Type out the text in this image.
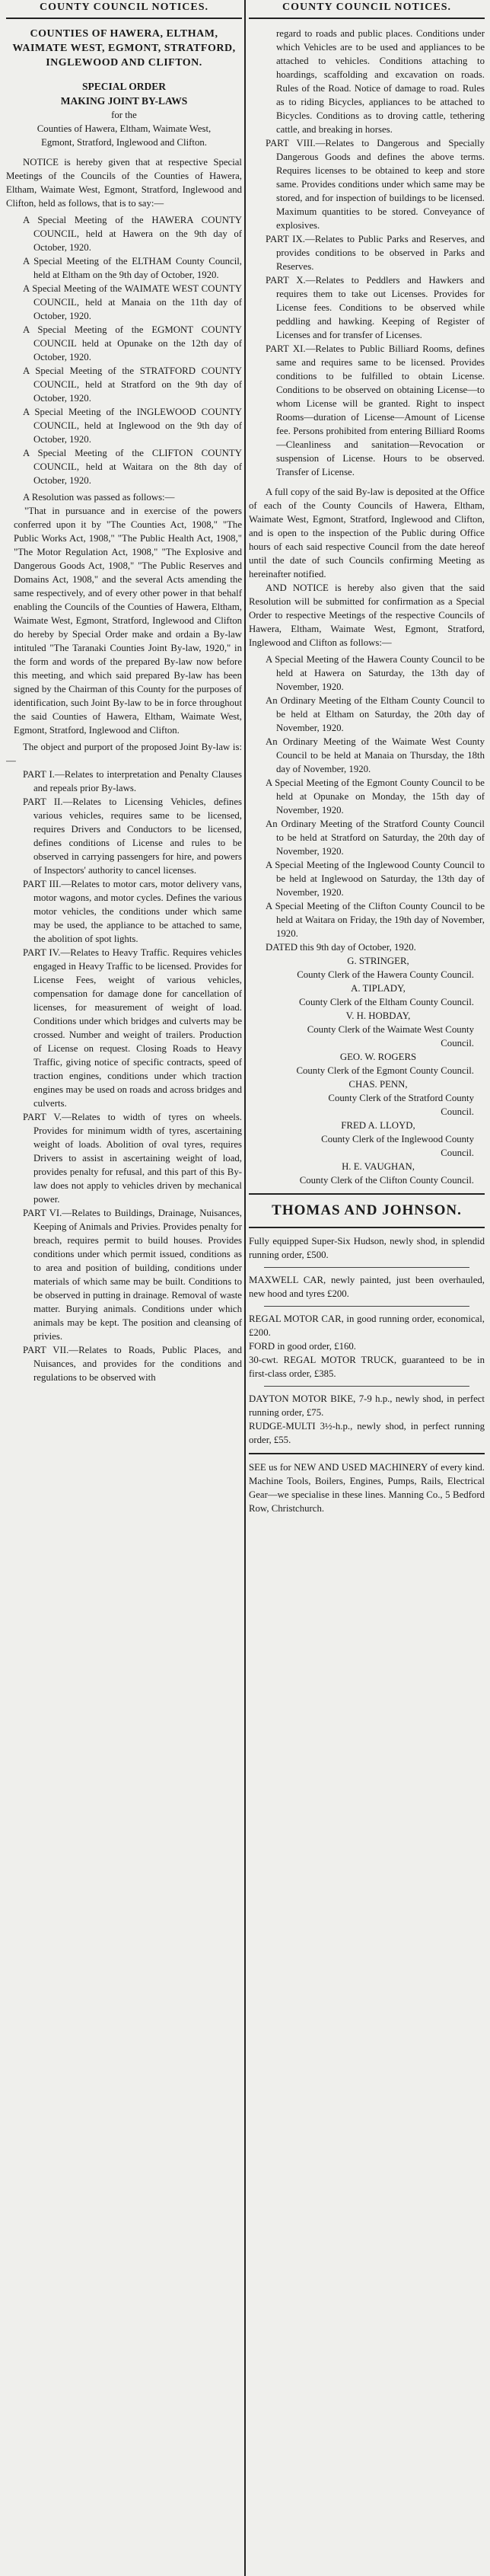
COUNTY COUNCIL NOTICES.

COUNTIES OF HAWERA, ELTHAM, WAIMATE WEST, EGMONT, STRATFORD, INGLEWOOD AND CLIFTON.

SPECIAL ORDER

MAKING JOINT BY-LAWS

for the

Counties of Hawera, Eltham, Waimate West, Egmont, Stratford, Inglewood and Clifton.

NOTICE is hereby given that at respective Special Meetings of the Councils of the Counties of Hawera, Eltham, Waimate West, Egmont, Stratford, Inglewood and Clifton, held as follows, that is to say:—

A Special Meeting of the HAWERA COUNTY COUNCIL, held at Hawera on the 9th day of October, 1920.

A Special Meeting of the ELTHAM County Council, held at Eltham on the 9th day of October, 1920.

A Special Meeting of the WAIMATE WEST COUNTY COUNCIL, held at Manaia on the 11th day of October, 1920.

A Special Meeting of the EGMONT COUNTY COUNCIL held at Opunake on the 12th day of October, 1920.

A Special Meeting of the STRATFORD COUNTY COUNCIL, held at Stratford on the 9th day of October, 1920.

A Special Meeting of the INGLEWOOD COUNTY COUNCIL, held at Inglewood on the 9th day of October, 1920.

A Special Meeting of the CLIFTON COUNTY COUNCIL, held at Waitara on the 8th day of October, 1920.

A Resolution was passed as follows:—

"That in pursuance and in exercise of the powers conferred upon it by "The Counties Act, 1908," "The Public Works Act, 1908," "The Public Health Act, 1908," "The Motor Regulation Act, 1908," "The Explosive and Dangerous Goods Act, 1908," "The Public Reserves and Domains Act, 1908," and the several Acts amending the same respectively, and of every other power in that behalf enabling the Councils of the Counties of Hawera, Eltham, Waimate West, Egmont, Stratford, Inglewood and Clifton do hereby by Special Order make and ordain a By-law intituled "The Taranaki Counties Joint By-law, 1920," in the form and words of the prepared By-law now before this meeting, and which said prepared By-law has been signed by the Chairman of this County for the purposes of identification, such Joint By-law to be in force throughout the said Counties of Hawera, Eltham, Waimate West, Egmont, Stratford, Inglewood and Clifton.

The object and purport of the proposed Joint By-law is:—

PART I.—Relates to interpretation and Penalty Clauses and repeals prior By-laws.

PART II.—Relates to Licensing Vehicles, defines various vehicles, requires same to be licensed, requires Drivers and Conductors to be licensed, defines conditions of License and rules to be observed in carrying passengers for hire, and powers of Inspectors' authority to cancel licenses.

PART III.—Relates to motor cars, motor delivery vans, motor wagons, and motor cycles. Defines the various motor vehicles, the conditions under which same may be used, the appliance to be attached to same, the abolition of spot lights.

PART IV.—Relates to Heavy Traffic. Requires vehicles engaged in Heavy Traffic to be licensed. Provides for License Fees, weight of various vehicles, compensation for damage done for cancellation of licenses, for measurement of weight of load. Conditions under which bridges and culverts may be crossed. Number and weight of trailers. Production of License on request. Closing Roads to Heavy Traffic, giving notice of specific contracts, speed of traction engines, conditions under which traction engines may be used on roads and across bridges and culverts.

PART V.—Relates to width of tyres on wheels. Provides for minimum width of tyres, ascertaining weight of loads. Abolition of oval tyres, requires Drivers to assist in ascertaining weight of load, provides penalty for refusal, and this part of this By-law does not apply to vehicles driven by mechanical power.

PART VI.—Relates to Buildings, Drainage, Nuisances, Keeping of Animals and Privies. Provides penalty for breach, requires permit to build houses. Provides conditions under which permit issued, conditions as to area and position of building, conditions under materials of which same may be built. Conditions to be observed in putting in drainage. Removal of waste matter. Burying animals. Conditions under which animals may be kept. The position and cleansing of privies.

PART VII.—Relates to Roads, Public Places, and Nuisances, and provides for the conditions and regulations to be observed with

COUNTY COUNCIL NOTICES.

regard to roads and public places. Conditions under which Vehicles are to be used and appliances to be attached to vehicles. Conditions attaching to hoardings, scaffolding and excavation on roads. Rules of the Road. Notice of damage to road. Rules as to riding Bicycles, appliances to be attached to Bicycles. Conditions as to droving cattle, tethering cattle, and breaking in horses.

PART VIII.—Relates to Dangerous and Specially Dangerous Goods and defines the above terms. Requires licenses to be obtained to keep and store same. Provides conditions under which same may be stored, and for inspection of buildings to be licensed. Maximum quantities to be stored. Conveyance of explosives.

PART IX.—Relates to Public Parks and Reserves, and provides conditions to be observed in Parks and Reserves.

PART X.—Relates to Peddlers and Hawkers and requires them to take out Licenses. Provides for License fees. Conditions to be observed while peddling and hawking. Keeping of Register of Licenses and for transfer of Licenses.

PART XI.—Relates to Public Billiard Rooms, defines same and requires same to be licensed. Provides conditions to be fulfilled to obtain License. Conditions to be observed on obtaining License—to whom License will be granted. Right to inspect Rooms—duration of License—Amount of License fee. Persons prohibited from entering Billiard Rooms—Cleanliness and sanitation—Revocation or suspension of License. Hours to be observed. Transfer of License.

A full copy of the said By-law is deposited at the Office of each of the County Councils of Hawera, Eltham, Waimate West, Egmont, Stratford, Inglewood and Clifton, and is open to the inspection of the Public during Office hours of each said respective Council from the date hereof until the date of such Councils confirming Meeting as hereinafter notified.

AND NOTICE is hereby also given that the said Resolution will be submitted for confirmation as a Special Order to respective Meetings of the respective Councils of Hawera, Eltham, Waimate West, Egmont, Stratford, Inglewood and Clifton as follows:—

A Special Meeting of the Hawera County Council to be held at Hawera on Saturday, the 13th day of November, 1920.

An Ordinary Meeting of the Eltham County Council to be held at Eltham on Saturday, the 20th day of November, 1920.

An Ordinary Meeting of the Waimate West County Council to be held at Manaia on Thursday, the 18th day of November, 1920.

A Special Meeting of the Egmont County Council to be held at Opunake on Monday, the 15th day of November, 1920.

An Ordinary Meeting of the Stratford County Council to be held at Stratford on Saturday, the 20th day of November, 1920.

A Special Meeting of the Inglewood County Council to be held at Inglewood on Saturday, the 13th day of November, 1920.

A Special Meeting of the Clifton County Council to be held at Waitara on Friday, the 19th day of November, 1920.

DATED this 9th day of October, 1920.

G. STRINGER,

County Clerk of the Hawera County Council.

A. TIPLADY,

County Clerk of the Eltham County Council.

V. H. HOBDAY,

County Clerk of the Waimate West County Council.

GEO. W. ROGERS

County Clerk of the Egmont County Council.

CHAS. PENN,

County Clerk of the Stratford County Council.

FRED A. LLOYD,

County Clerk of the Inglewood County Council.

H. E. VAUGHAN,

County Clerk of the Clifton County Council.

THOMAS AND JOHNSON.

Fully equipped Super-Six Hudson, newly shod, in splendid running order, £500.

MAXWELL CAR, newly painted, just been overhauled, new hood and tyres £200.

REGAL MOTOR CAR, in good running order, economical, £200.

FORD in good order, £160.

30-cwt. REGAL MOTOR TRUCK, guaranteed to be in first-class order, £385.

DAYTON MOTOR BIKE, 7-9 h.p., newly shod, in perfect running order, £75.

RUDGE-MULTI 3½-h.p., newly shod, in perfect running order, £55.

SEE us for NEW AND USED MACHINERY of every kind. Machine Tools, Boilers, Engines, Pumps, Rails, Electrical Gear—we specialise in these lines. Manning Co., 5 Bedford Row, Christchurch.
